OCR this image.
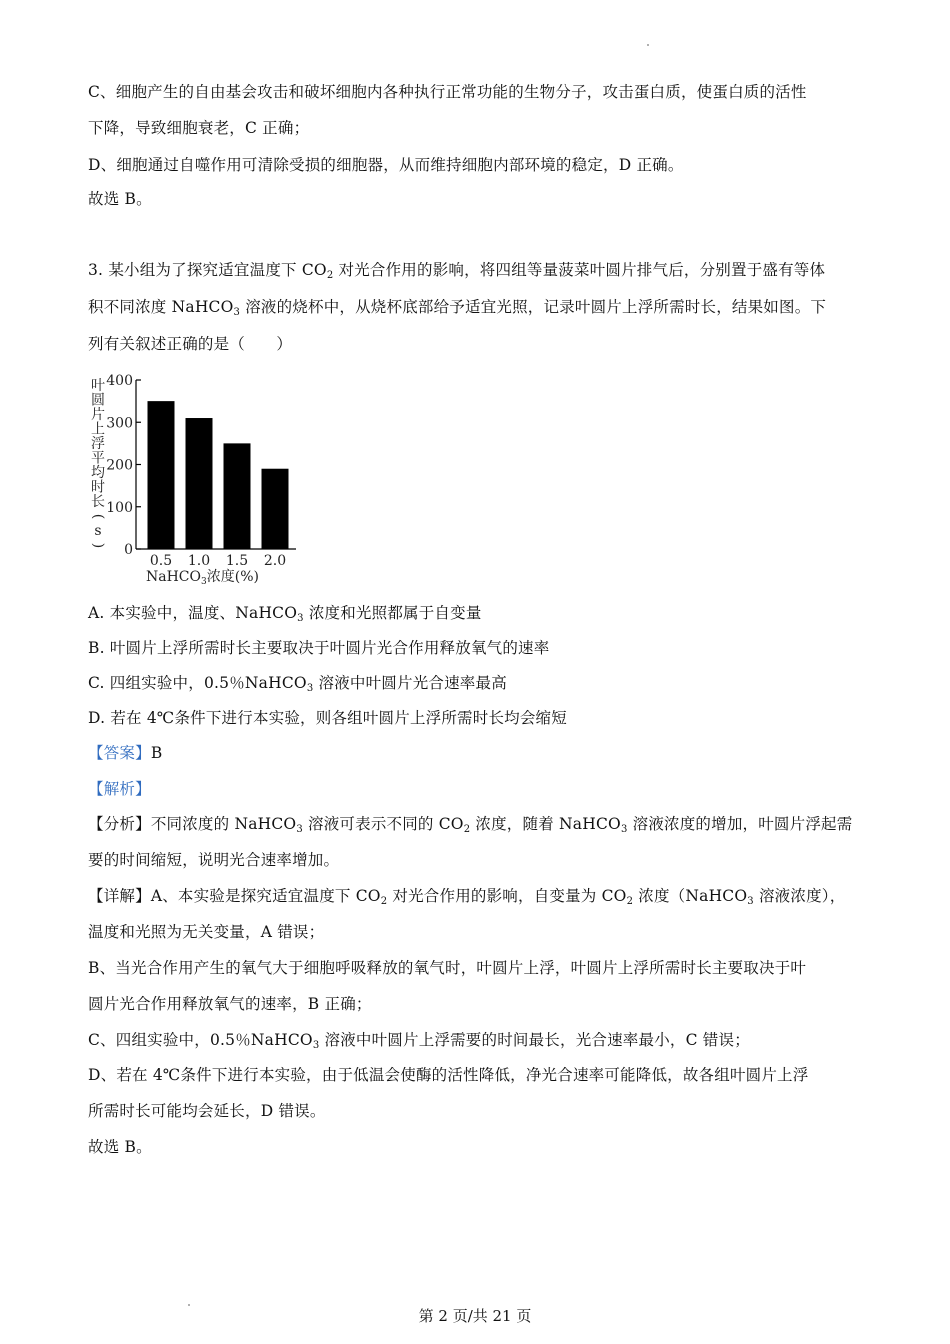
C、细胞产生的自由基会攻击和破坏细胞内各种执行正常功能的生物分子，攻击蛋白质，使蛋白质的活性
下降，导致细胞衰老，C 正确；
D、细胞通过自噬作用可清除受损的细胞器，从而维持细胞内部环境的稳定，D 正确。
故选 B。
3. 某小组为了探究适宜温度下 $CO_2$ 对光合作用的影响，将四组等量菠菜叶圆片排气后，分别置于盛有等体
积不同浓度 NaHCO$_3$ 溶液的烧杯中，从烧杯底部给予适宜光照，记录叶圆片上浮所需时长，结果如图。下
列有关叙述正确的是（　　）
叶
圆
片
上
浮
平
均
时
长
(
s
) 0
100
200
300
400
0.5 1.0 1.5 2.0
NaHCO$_3$浓度(%)
A. 本实验中，温度、NaHCO$_3$ 浓度和光照都属于自变量
B. 叶圆片上浮所需时长主要取决于叶圆片光合作用释放氧气的速率
C. 四组实验中，0.5％NaHCO$_3$ 溶液中叶圆片光合速率最高
D. 若在 4℃条件下进行本实验，则各组叶圆片上浮所需时长均会缩短
【答案】B
【解析】
【分析】不同浓度的 NaHCO$_3$ 溶液可表示不同的 $CO_2$ 浓度，随着 NaHCO$_3$ 溶液浓度的增加，叶圆片浮起需
要的时间缩短，说明光合速率增加。
【详解】A、本实验是探究适宜温度下 $CO_2$ 对光合作用的影响，自变量为 $CO_2$ 浓度（NaHCO$_3$ 溶液浓度），
温度和光照为无关变量，A 错误；
B、当光合作用产生的氧气大于细胞呼吸释放的氧气时，叶圆片上浮，叶圆片上浮所需时长主要取决于叶
圆片光合作用释放氧气的速率，B 正确；
C、四组实验中，0.5％NaHCO$_3$ 溶液中叶圆片上浮需要的时间最长，光合速率最小，C 错误；
D、若在 4℃条件下进行本实验，由于低温会使酶的活性降低，净光合速率可能降低，故各组叶圆片上浮
所需时长可能均会延长，D 错误。
故选 B。
第 2 页/共 21 页
